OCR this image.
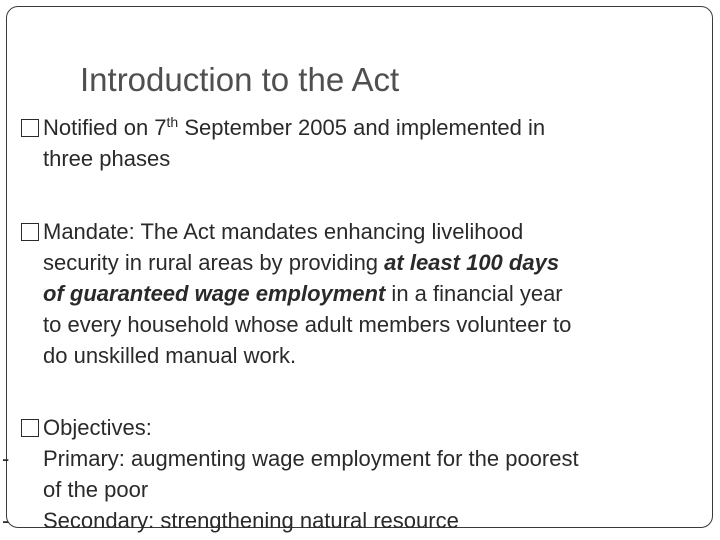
Introduction to the Act
Notified on 7th September 2005 and implemented in
three phases
Mandate: The Act mandates enhancing livelihood
security in rural areas by providing at least 100 days
of guaranteed wage employment in a financial year
to every household whose adult members volunteer to
do unskilled manual work.
Objectives:
- Primary: augmenting wage employment for the poorest
of the poor
- Secondary: strengthening natural resource
